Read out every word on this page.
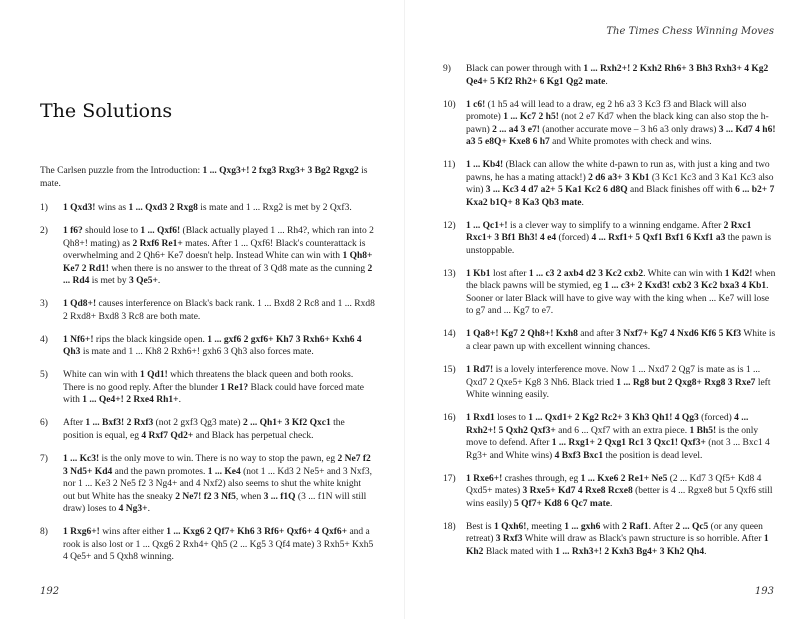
The Solutions
The Carlsen puzzle from the Introduction: 1 ... Qxg3+! 2 fxg3 Rxg3+ 3 Bg2 Rgxg2 is mate.
1)	1 Qxd3! wins as 1 ... Qxd3 2 Rxg8 is mate and 1 ... Rxg2 is met by 2 Qxf3.
2)	1 f6? should lose to 1 ... Qxf6! (Black actually played 1 ... Rh4?, which ran into 2 Qh8+! mating) as 2 Rxf6 Re1+ mates. After 1 ... Qxf6! Black's counterattack is overwhelming and 2 Qh6+ Ke7 doesn't help. Instead White can win with 1 Qh8+ Ke7 2 Rd1! when there is no answer to the threat of 3 Qd8 mate as the cunning 2 ... Rd4 is met by 3 Qe5+.
3)	1 Qd8+! causes interference on Black's back rank. 1 ... Bxd8 2 Rc8 and 1 ... Rxd8 2 Rxd8+ Bxd8 3 Rc8 are both mate.
4)	1 Nf6+! rips the black kingside open. 1 ... gxf6 2 gxf6+ Kh7 3 Rxh6+ Kxh6 4 Qh3 is mate and 1 ... Kh8 2 Rxh6+! gxh6 3 Qh3 also forces mate.
5)	White can win with 1 Qd1! which threatens the black queen and both rooks. There is no good reply. After the blunder 1 Re1? Black could have forced mate with 1 ... Qe4+! 2 Rxe4 Rh1+.
6)	After 1 ... Bxf3! 2 Rxf3 (not 2 gxf3 Qg3 mate) 2 ... Qh1+ 3 Kf2 Qxc1 the position is equal, eg 4 Rxf7 Qd2+ and Black has perpetual check.
7)	1 ... Kc3! is the only move to win. There is no way to stop the pawn, eg 2 Ne7 f2 3 Nd5+ Kd4 and the pawn promotes. 1 ... Ke4 (not 1 ... Kd3 2 Ne5+ and 3 Nxf3, nor 1 ... Ke3 2 Ne5 f2 3 Ng4+ and 4 Nxf2) also seems to shut the white knight out but White has the sneaky 2 Ne7! f2 3 Nf5, when 3 ... f1Q (3 ... f1N will still draw) loses to 4 Ng3+.
8)	1 Rxg6+! wins after either 1 ... Kxg6 2 Qf7+ Kh6 3 Rf6+ Qxf6+ 4 Qxf6+ and a rook is also lost or 1 ... Qxg6 2 Rxh4+ Qh5 (2 ... Kg5 3 Qf4 mate) 3 Rxh5+ Kxh5 4 Qe5+ and 5 Qxh8 winning.
192
The Times Chess Winning Moves
9)	Black can power through with 1 ... Rxh2+! 2 Kxh2 Rh6+ 3 Bh3 Rxh3+ 4 Kg2 Qe4+ 5 Kf2 Rh2+ 6 Kg1 Qg2 mate.
10)	1 c6! (1 h5 a4 will lead to a draw, eg 2 h6 a3 3 Kc3 f3 and Black will also promote) 1 ... Kc7 2 h5! (not 2 e7 Kd7 when the black king can also stop the h-pawn) 2 ... a4 3 e7! (another accurate move – 3 h6 a3 only draws) 3 ... Kd7 4 h6! a3 5 e8Q+ Kxe8 6 h7 and White promotes with check and wins.
11)	1 ... Kb4! (Black can allow the white d-pawn to run as, with just a king and two pawns, he has a mating attack!) 2 d6 a3+ 3 Kb1 (3 Kc1 Kc3 and 3 Ka1 Kc3 also win) 3 ... Kc3 4 d7 a2+ 5 Ka1 Kc2 6 d8Q and Black finishes off with 6 ... b2+ 7 Kxa2 b1Q+ 8 Ka3 Qb3 mate.
12)	1 ... Qc1+! is a clever way to simplify to a winning endgame. After 2 Rxc1 Rxc1+ 3 Bf1 Bh3! 4 e4 (forced) 4 ... Rxf1+ 5 Qxf1 Bxf1 6 Kxf1 a3 the pawn is unstoppable.
13)	1 Kb1 lost after 1 ... c3 2 axb4 d2 3 Kc2 cxb2. White can win with 1 Kd2! when the black pawns will be stymied, eg 1 ... c3+ 2 Kxd3! cxb2 3 Kc2 bxa3 4 Kb1. Sooner or later Black will have to give way with the king when ... Ke7 will lose to g7 and ... Kg7 to e7.
14)	1 Qa8+! Kg7 2 Qh8+! Kxh8 and after 3 Nxf7+ Kg7 4 Nxd6 Kf6 5 Kf3 White is a clear pawn up with excellent winning chances.
15)	1 Rd7! is a lovely interference move. Now 1 ... Nxd7 2 Qg7 is mate as is 1 ... Qxd7 2 Qxe5+ Kg8 3 Nh6. Black tried 1 ... Rg8 but 2 Qxg8+ Rxg8 3 Rxe7 left White winning easily.
16)	1 Rxd1 loses to 1 ... Qxd1+ 2 Kg2 Rc2+ 3 Kh3 Qh1! 4 Qg3 (forced) 4 ... Rxh2+! 5 Qxh2 Qxf3+ and 6 ... Qxf7 with an extra piece. 1 Bh5! is the only move to defend. After 1 ... Rxg1+ 2 Qxg1 Rc1 3 Qxc1! Qxf3+ (not 3 ... Bxc1 4 Rg3+ and White wins) 4 Bxf3 Bxc1 the position is dead level.
17)	1 Rxe6+! crashes through, eg 1 ... Kxe6 2 Re1+ Ne5 (2 ... Kd7 3 Qf5+ Kd8 4 Qxd5+ mates) 3 Rxe5+ Kd7 4 Rxe8 Rcxe8 (better is 4 ... Rgxe8 but 5 Qxf6 still wins easily) 5 Qf7+ Kd8 6 Qc7 mate.
18)	Best is 1 Qxh6!, meeting 1 ... gxh6 with 2 Raf1. After 2 ... Qc5 (or any queen retreat) 3 Rxf3 White will draw as Black's pawn structure is so horrible. After 1 Kh2 Black mated with 1 ... Rxh3+! 2 Kxh3 Bg4+ 3 Kh2 Qh4.
193
